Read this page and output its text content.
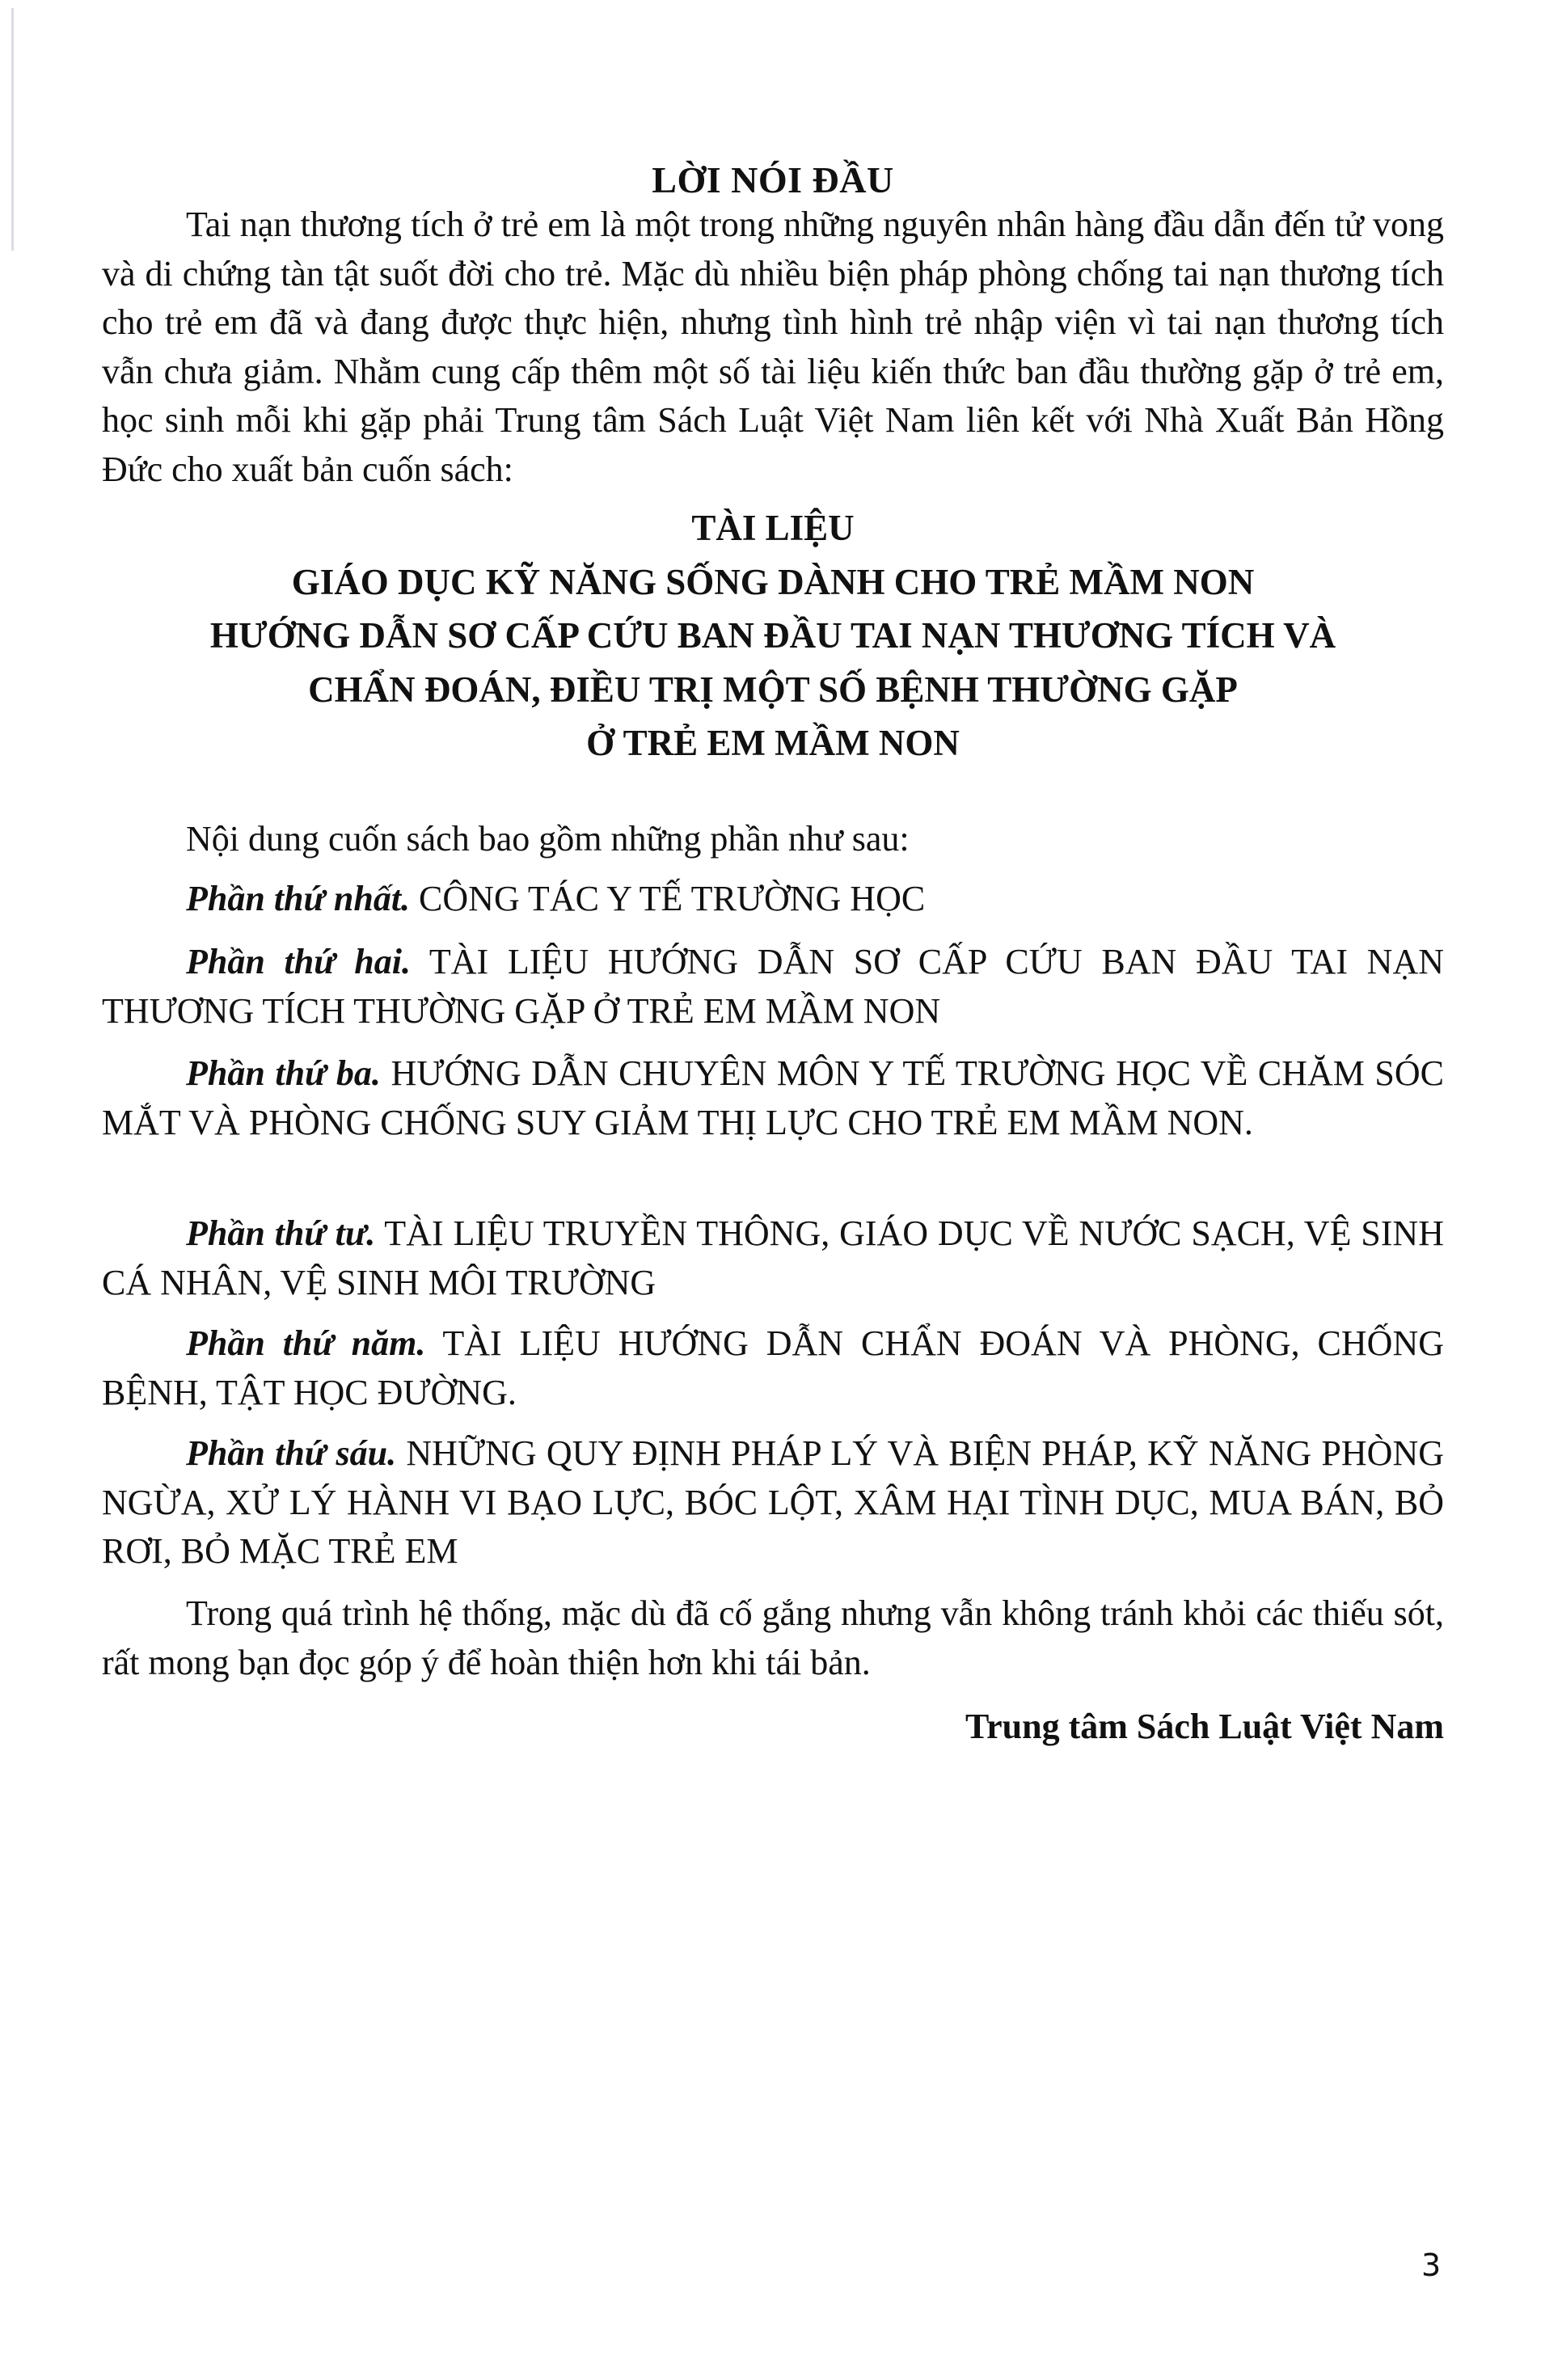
LỜI NÓI ĐẦU

Tai nạn thương tích ở trẻ em là một trong những nguyên nhân hàng đầu dẫn đến tử vong và di chứng tàn tật suốt đời cho trẻ. Mặc dù nhiều biện pháp phòng chống tai nạn thương tích cho trẻ em đã và đang được thực hiện, nhưng tình hình trẻ nhập viện vì tai nạn thương tích vẫn chưa giảm. Nhằm cung cấp thêm một số tài liệu kiến thức ban đầu thường gặp ở trẻ em, học sinh mỗi khi gặp phải Trung tâm Sách Luật Việt Nam liên kết với Nhà Xuất Bản Hồng Đức cho xuất bản cuốn sách:

TÀI LIỆU
GIÁO DỤC KỸ NĂNG SỐNG DÀNH CHO TRẺ MẦM NON
HƯỚNG DẪN SƠ CẤP CỨU BAN ĐẦU TAI NẠN THƯƠNG TÍCH VÀ
CHẨN ĐOÁN, ĐIỀU TRỊ MỘT SỐ BỆNH THƯỜNG GẶP
Ở TRẺ EM MẦM NON

Nội dung cuốn sách bao gồm những phần như sau:

Phần thứ nhất. CÔNG TÁC Y TẾ TRƯỜNG HỌC

Phần thứ hai. TÀI LIỆU HƯỚNG DẪN SƠ CẤP CỨU BAN ĐẦU TAI NẠN THƯƠNG TÍCH THƯỜNG GẶP Ở TRẺ EM MẦM NON

Phần thứ ba. HƯỚNG DẪN CHUYÊN MÔN Y TẾ TRƯỜNG HỌC VỀ CHĂM SÓC MẮT VÀ PHÒNG CHỐNG SUY GIẢM THỊ LỰC CHO TRẺ EM MẦM NON.

Phần thứ tư. TÀI LIỆU TRUYỀN THÔNG, GIÁO DỤC VỀ NƯỚC SẠCH, VỆ SINH CÁ NHÂN, VỆ SINH MÔI TRƯỜNG

Phần thứ năm. TÀI LIỆU HƯỚNG DẪN CHẨN ĐOÁN VÀ PHÒNG, CHỐNG BỆNH, TẬT HỌC ĐƯỜNG.

Phần thứ sáu. NHỮNG QUY ĐỊNH PHÁP LÝ VÀ BIỆN PHÁP, KỸ NĂNG PHÒNG NGỪA, XỬ LÝ HÀNH VI BẠO LỰC, BÓC LỘT, XÂM HẠI TÌNH DỤC, MUA BÁN, BỎ RƠI, BỎ MẶC TRẺ EM

Trong quá trình hệ thống, mặc dù đã cố gắng nhưng vẫn không tránh khỏi các thiếu sót, rất mong bạn đọc góp ý để hoàn thiện hơn khi tái bản.

Trung tâm Sách Luật Việt Nam

3
